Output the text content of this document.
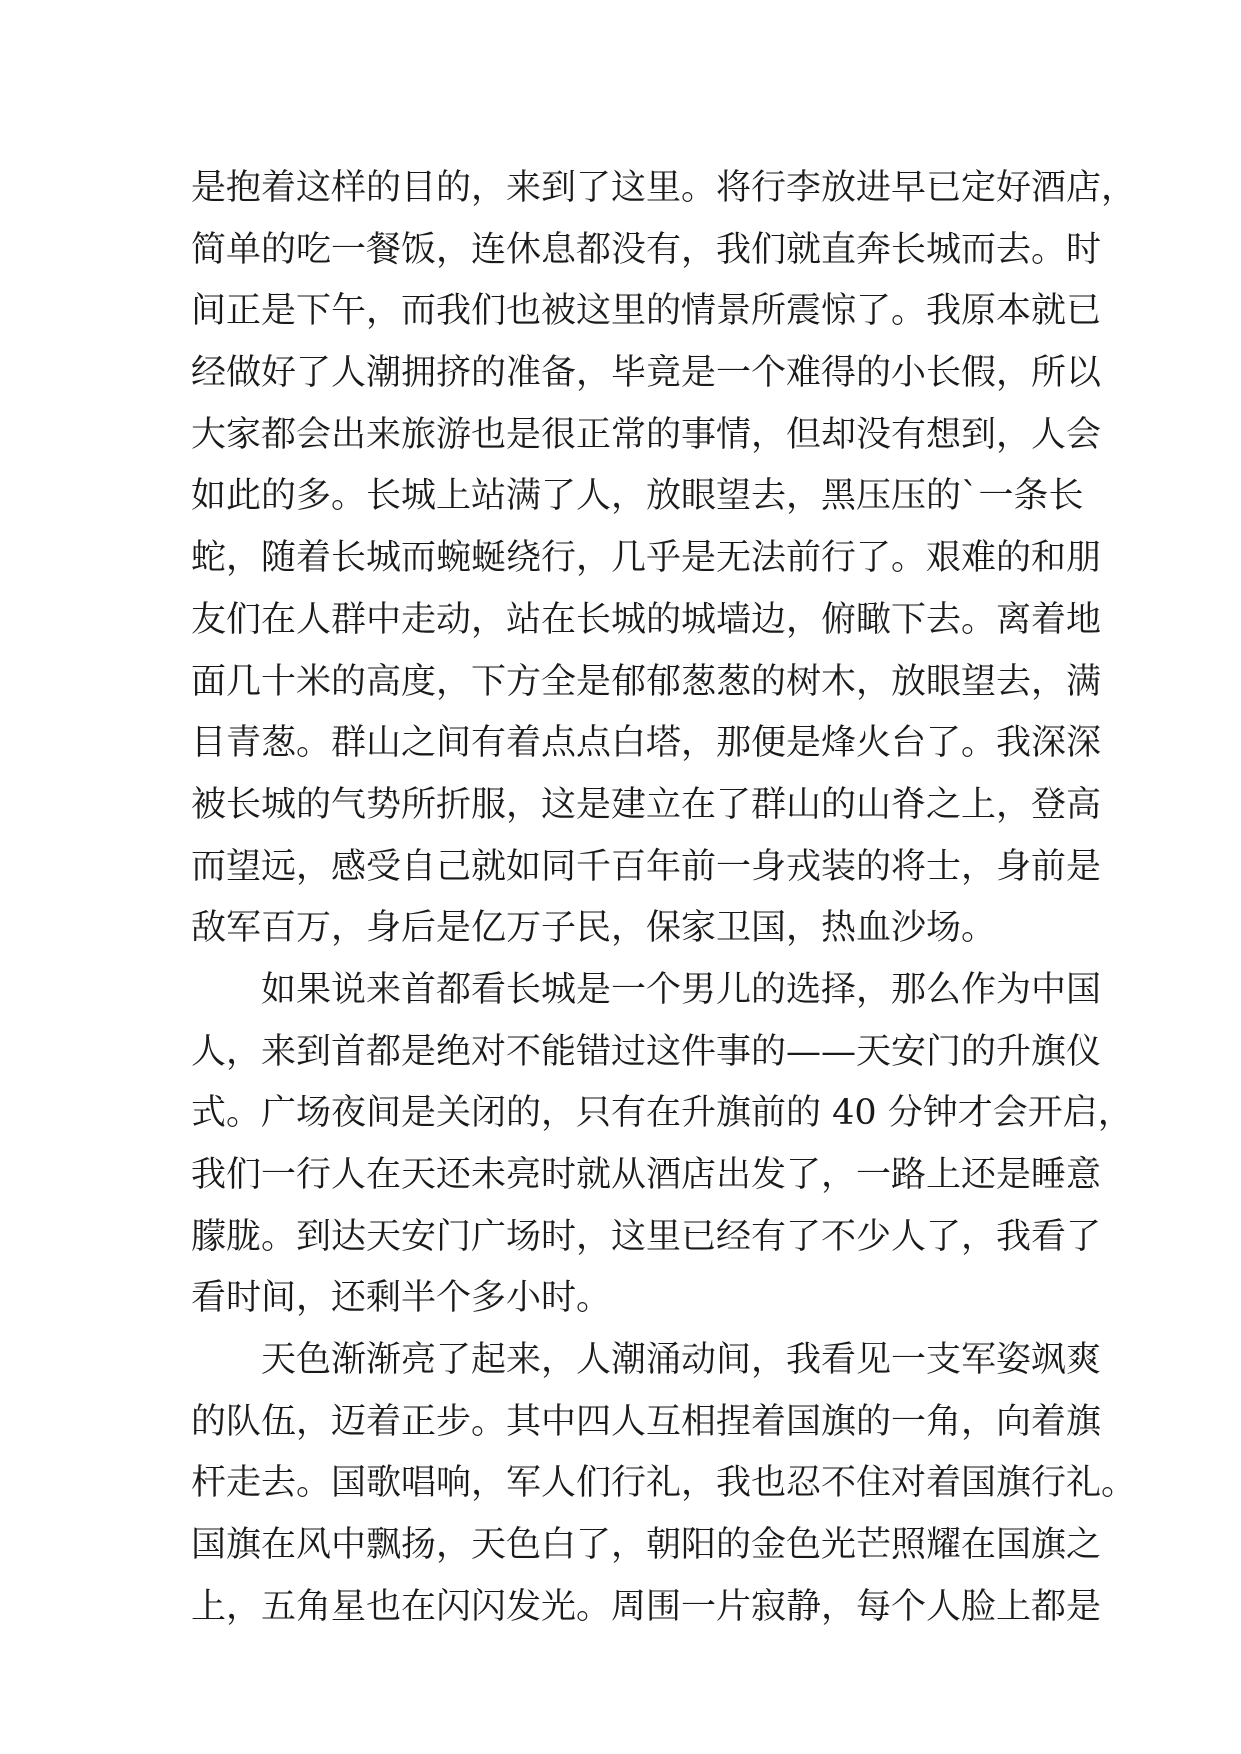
是抱着这样的目的，来到了这里。将行李放进早已定好酒店，
简单的吃一餐饭，连休息都没有，我们就直奔长城而去。时
间正是下午，而我们也被这里的情景所震惊了。我原本就已
经做好了人潮拥挤的准备，毕竟是一个难得的小长假，所以
大家都会出来旅游也是很正常的事情，但却没有想到，人会
如此的多。长城上站满了人，放眼望去，黑压压的`一条长
蛇，随着长城而蜿蜒绕行，几乎是无法前行了。艰难的和朋
友们在人群中走动，站在长城的城墙边，俯瞰下去。离着地
面几十米的高度，下方全是郁郁葱葱的树木，放眼望去，满
目青葱。群山之间有着点点白塔，那便是烽火台了。我深深
被长城的气势所折服，这是建立在了群山的山脊之上，登高
而望远，感受自己就如同千百年前一身戎装的将士，身前是
敌军百万，身后是亿万子民，保家卫国，热血沙场。
如果说来首都看长城是一个男儿的选择，那么作为中国
人，来到首都是绝对不能错过这件事的——天安门的升旗仪
式。广场夜间是关闭的，只有在升旗前的 40 分钟才会开启，
我们一行人在天还未亮时就从酒店出发了，一路上还是睡意
朦胧。到达天安门广场时，这里已经有了不少人了，我看了
看时间，还剩半个多小时。
天色渐渐亮了起来，人潮涌动间，我看见一支军姿飒爽
的队伍，迈着正步。其中四人互相捏着国旗的一角，向着旗
杆走去。国歌唱响，军人们行礼，我也忍不住对着国旗行礼。
国旗在风中飘扬，天色白了，朝阳的金色光芒照耀在国旗之
上，五角星也在闪闪发光。周围一片寂静，每个人脸上都是
